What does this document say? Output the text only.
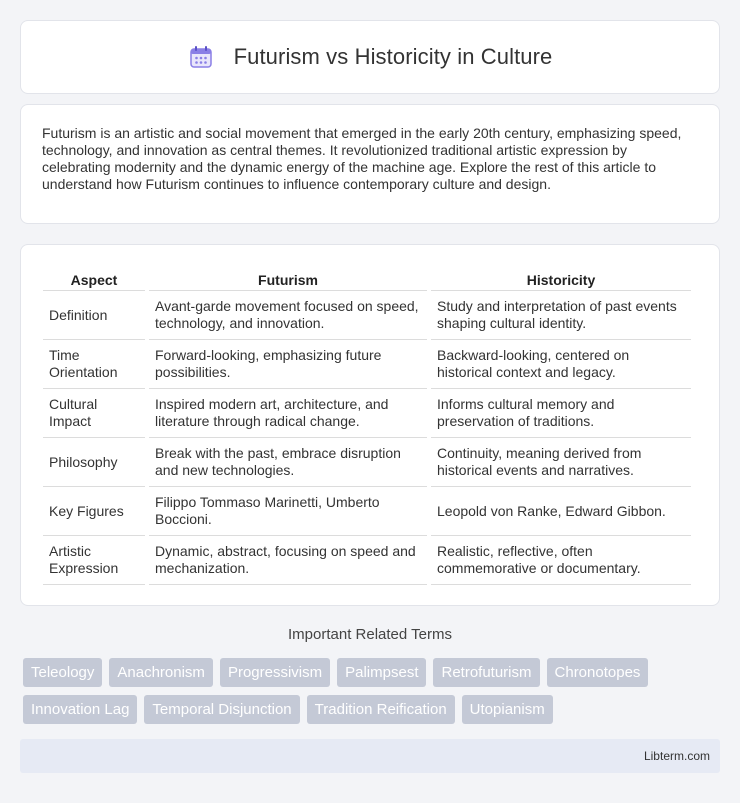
Futurism vs Historicity in Culture

Futurism is an artistic and social movement that emerged in the early 20th century, emphasizing speed, technology, and innovation as central themes. It revolutionized traditional artistic expression by celebrating modernity and the dynamic energy of the machine age. Explore the rest of this article to understand how Futurism continues to influence contemporary culture and design.

Aspect	Futurism	Historicity
Definition	Avant-garde movement focused on speed, technology, and innovation.	Study and interpretation of past events shaping cultural identity.
Time Orientation	Forward-looking, emphasizing future possibilities.	Backward-looking, centered on historical context and legacy.
Cultural Impact	Inspired modern art, architecture, and literature through radical change.	Informs cultural memory and preservation of traditions.
Philosophy	Break with the past, embrace disruption and new technologies.	Continuity, meaning derived from historical events and narratives.
Key Figures	Filippo Tommaso Marinetti, Umberto Boccioni.	Leopold von Ranke, Edward Gibbon.
Artistic Expression	Dynamic, abstract, focusing on speed and mechanization.	Realistic, reflective, often commemorative or documentary.
Important Related Terms
Teleology	Anachronism	Progressivism	Palimpsest	Retrofuturism	Chronotopes
Innovation Lag	Temporal Disjunction	Tradition Reification	Utopianism
Libterm.com
